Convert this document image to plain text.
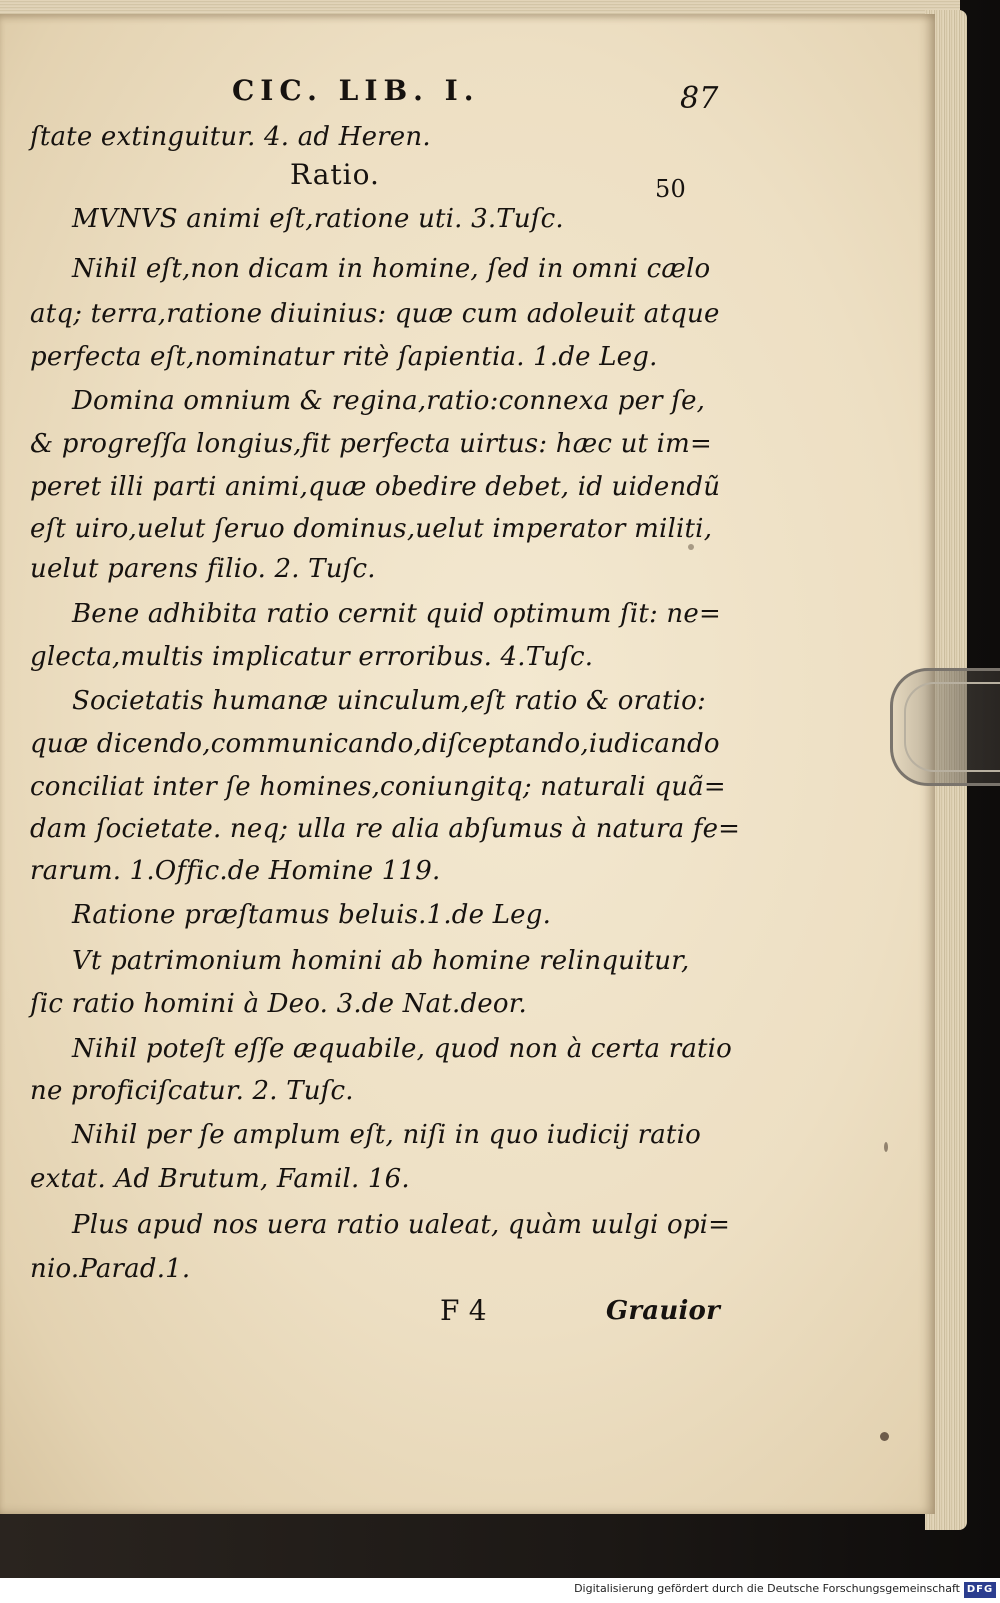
CIC. LIB. I.	87
ſtate extinguitur. 4. ad Heren.
Ratio.	50
MVNVS animi eſt,ratione uti. 3.Tuſc.
Nihil eſt,non dicam in homine, ſed in omni cælo
atq; terra,ratione diuinius: quæ cum adoleuit atque
perfecta eſt,nominatur ritè ſapientia. 1.de Leg.
Domina omnium & regina,ratio:connexa per ſe,
& progreſſa longius,fit perfecta uirtus: hæc ut im=
peret illi parti animi,quæ obedire debet, id uidendũ
eſt uiro,uelut ſeruo dominus,uelut imperator militi,
uelut parens filio. 2. Tuſc.
Bene adhibita ratio cernit quid optimum ſit: ne=
glecta,multis implicatur erroribus. 4.Tuſc.
Societatis humanæ uinculum,eſt ratio & oratio:
quæ dicendo,communicando,diſceptando,iudicando
conciliat inter ſe homines,coniungitq; naturali quã=
dam ſocietate. neq; ulla re alia abſumus à natura fe=
rarum. 1.Offic.de Homine 119.
Ratione præſtamus beluis.1.de Leg.
Vt patrimonium homini ab homine relinquitur,
ſic ratio homini à Deo. 3.de Nat.deor.
Nihil poteſt eſſe æquabile, quod non à certa ratio
ne proficiſcatur. 2. Tuſc.
Nihil per ſe amplum eſt, niſi in quo iudicij ratio
extat. Ad Brutum, Famil. 16.
Plus apud nos uera ratio ualeat, quàm uulgi opi=
nio.Parad.1.
F 4	Grauior
Digitalisierung gefördert durch die Deutsche Forschungsgemeinschaft DFG
